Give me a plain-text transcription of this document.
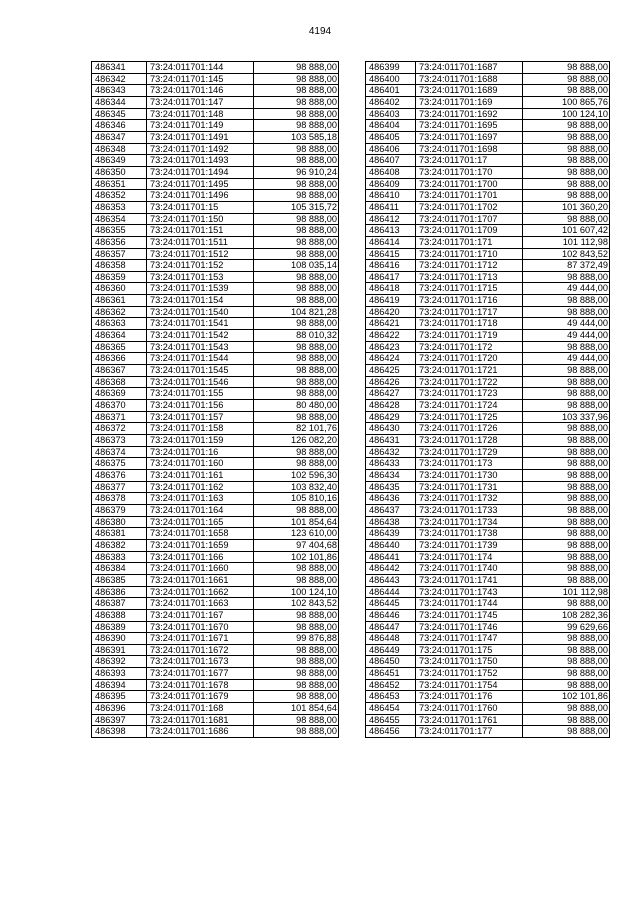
4194
486341	73:24:011701:144	98 888,00
486342	73:24:011701:145	98 888,00
486343	73:24:011701:146	98 888,00
486344	73:24:011701:147	98 888,00
486345	73:24:011701:148	98 888,00
486346	73:24:011701:149	98 888,00
486347	73:24:011701:1491	103 585,18
486348	73:24:011701:1492	98 888,00
486349	73:24:011701:1493	98 888,00
486350	73:24:011701:1494	96 910,24
486351	73:24:011701:1495	98 888,00
486352	73:24:011701:1496	98 888,00
486353	73:24:011701:15	105 315,72
486354	73:24:011701:150	98 888,00
486355	73:24:011701:151	98 888,00
486356	73:24:011701:1511	98 888,00
486357	73:24:011701:1512	98 888,00
486358	73:24:011701:152	108 035,14
486359	73:24:011701:153	98 888,00
486360	73:24:011701:1539	98 888,00
486361	73:24:011701:154	98 888,00
486362	73:24:011701:1540	104 821,28
486363	73:24:011701:1541	98 888,00
486364	73:24:011701:1542	88 010,32
486365	73:24:011701:1543	98 888,00
486366	73:24:011701:1544	98 888,00
486367	73:24:011701:1545	98 888,00
486368	73:24:011701:1546	98 888,00
486369	73:24:011701:155	98 888,00
486370	73:24:011701:156	80 480,00
486371	73:24:011701:157	98 888,00
486372	73:24:011701:158	82 101,76
486373	73:24:011701:159	126 082,20
486374	73:24:011701:16	98 888,00
486375	73:24:011701:160	98 888,00
486376	73:24:011701:161	102 596,30
486377	73:24:011701:162	103 832,40
486378	73:24:011701:163	105 810,16
486379	73:24:011701:164	98 888,00
486380	73:24:011701:165	101 854,64
486381	73:24:011701:1658	123 610,00
486382	73:24:011701:1659	97 404,68
486383	73:24:011701:166	102 101,86
486384	73:24:011701:1660	98 888,00
486385	73:24:011701:1661	98 888,00
486386	73:24:011701:1662	100 124,10
486387	73:24:011701:1663	102 843,52
486388	73:24:011701:167	98 888,00
486389	73:24:011701:1670	98 888,00
486390	73:24:011701:1671	99 876,88
486391	73:24:011701:1672	98 888,00
486392	73:24:011701:1673	98 888,00
486393	73:24:011701:1677	98 888,00
486394	73:24:011701:1678	98 888,00
486395	73:24:011701:1679	98 888,00
486396	73:24:011701:168	101 854,64
486397	73:24:011701:1681	98 888,00
486398	73:24:011701:1686	98 888,00
486399	73:24:011701:1687	98 888,00
486400	73:24:011701:1688	98 888,00
486401	73:24:011701:1689	98 888,00
486402	73:24:011701:169	100 865,76
486403	73:24:011701:1692	100 124,10
486404	73:24:011701:1695	98 888,00
486405	73:24:011701:1697	98 888,00
486406	73:24:011701:1698	98 888,00
486407	73:24:011701:17	98 888,00
486408	73:24:011701:170	98 888,00
486409	73:24:011701:1700	98 888,00
486410	73:24:011701:1701	98 888,00
486411	73:24:011701:1702	101 360,20
486412	73:24:011701:1707	98 888,00
486413	73:24:011701:1709	101 607,42
486414	73:24:011701:171	101 112,98
486415	73:24:011701:1710	102 843,52
486416	73:24:011701:1712	87 372,49
486417	73:24:011701:1713	98 888,00
486418	73:24:011701:1715	49 444,00
486419	73:24:011701:1716	98 888,00
486420	73:24:011701:1717	98 888,00
486421	73:24:011701:1718	49 444,00
486422	73:24:011701:1719	49 444,00
486423	73:24:011701:172	98 888,00
486424	73:24:011701:1720	49 444,00
486425	73:24:011701:1721	98 888,00
486426	73:24:011701:1722	98 888,00
486427	73:24:011701:1723	98 888,00
486428	73:24:011701:1724	98 888,00
486429	73:24:011701:1725	103 337,96
486430	73:24:011701:1726	98 888,00
486431	73:24:011701:1728	98 888,00
486432	73:24:011701:1729	98 888,00
486433	73:24:011701:173	98 888,00
486434	73:24:011701:1730	98 888,00
486435	73:24:011701:1731	98 888,00
486436	73:24:011701:1732	98 888,00
486437	73:24:011701:1733	98 888,00
486438	73:24:011701:1734	98 888,00
486439	73:24:011701:1738	98 888,00
486440	73:24:011701:1739	98 888,00
486441	73:24:011701:174	98 888,00
486442	73:24:011701:1740	98 888,00
486443	73:24:011701:1741	98 888,00
486444	73:24:011701:1743	101 112,98
486445	73:24:011701:1744	98 888,00
486446	73:24:011701:1745	108 282,36
486447	73:24:011701:1746	99 629,66
486448	73:24:011701:1747	98 888,00
486449	73:24:011701:175	98 888,00
486450	73:24:011701:1750	98 888,00
486451	73:24:011701:1752	98 888,00
486452	73:24:011701:1754	98 888,00
486453	73:24:011701:176	102 101,86
486454	73:24:011701:1760	98 888,00
486455	73:24:011701:1761	98 888,00
486456	73:24:011701:177	98 888,00
